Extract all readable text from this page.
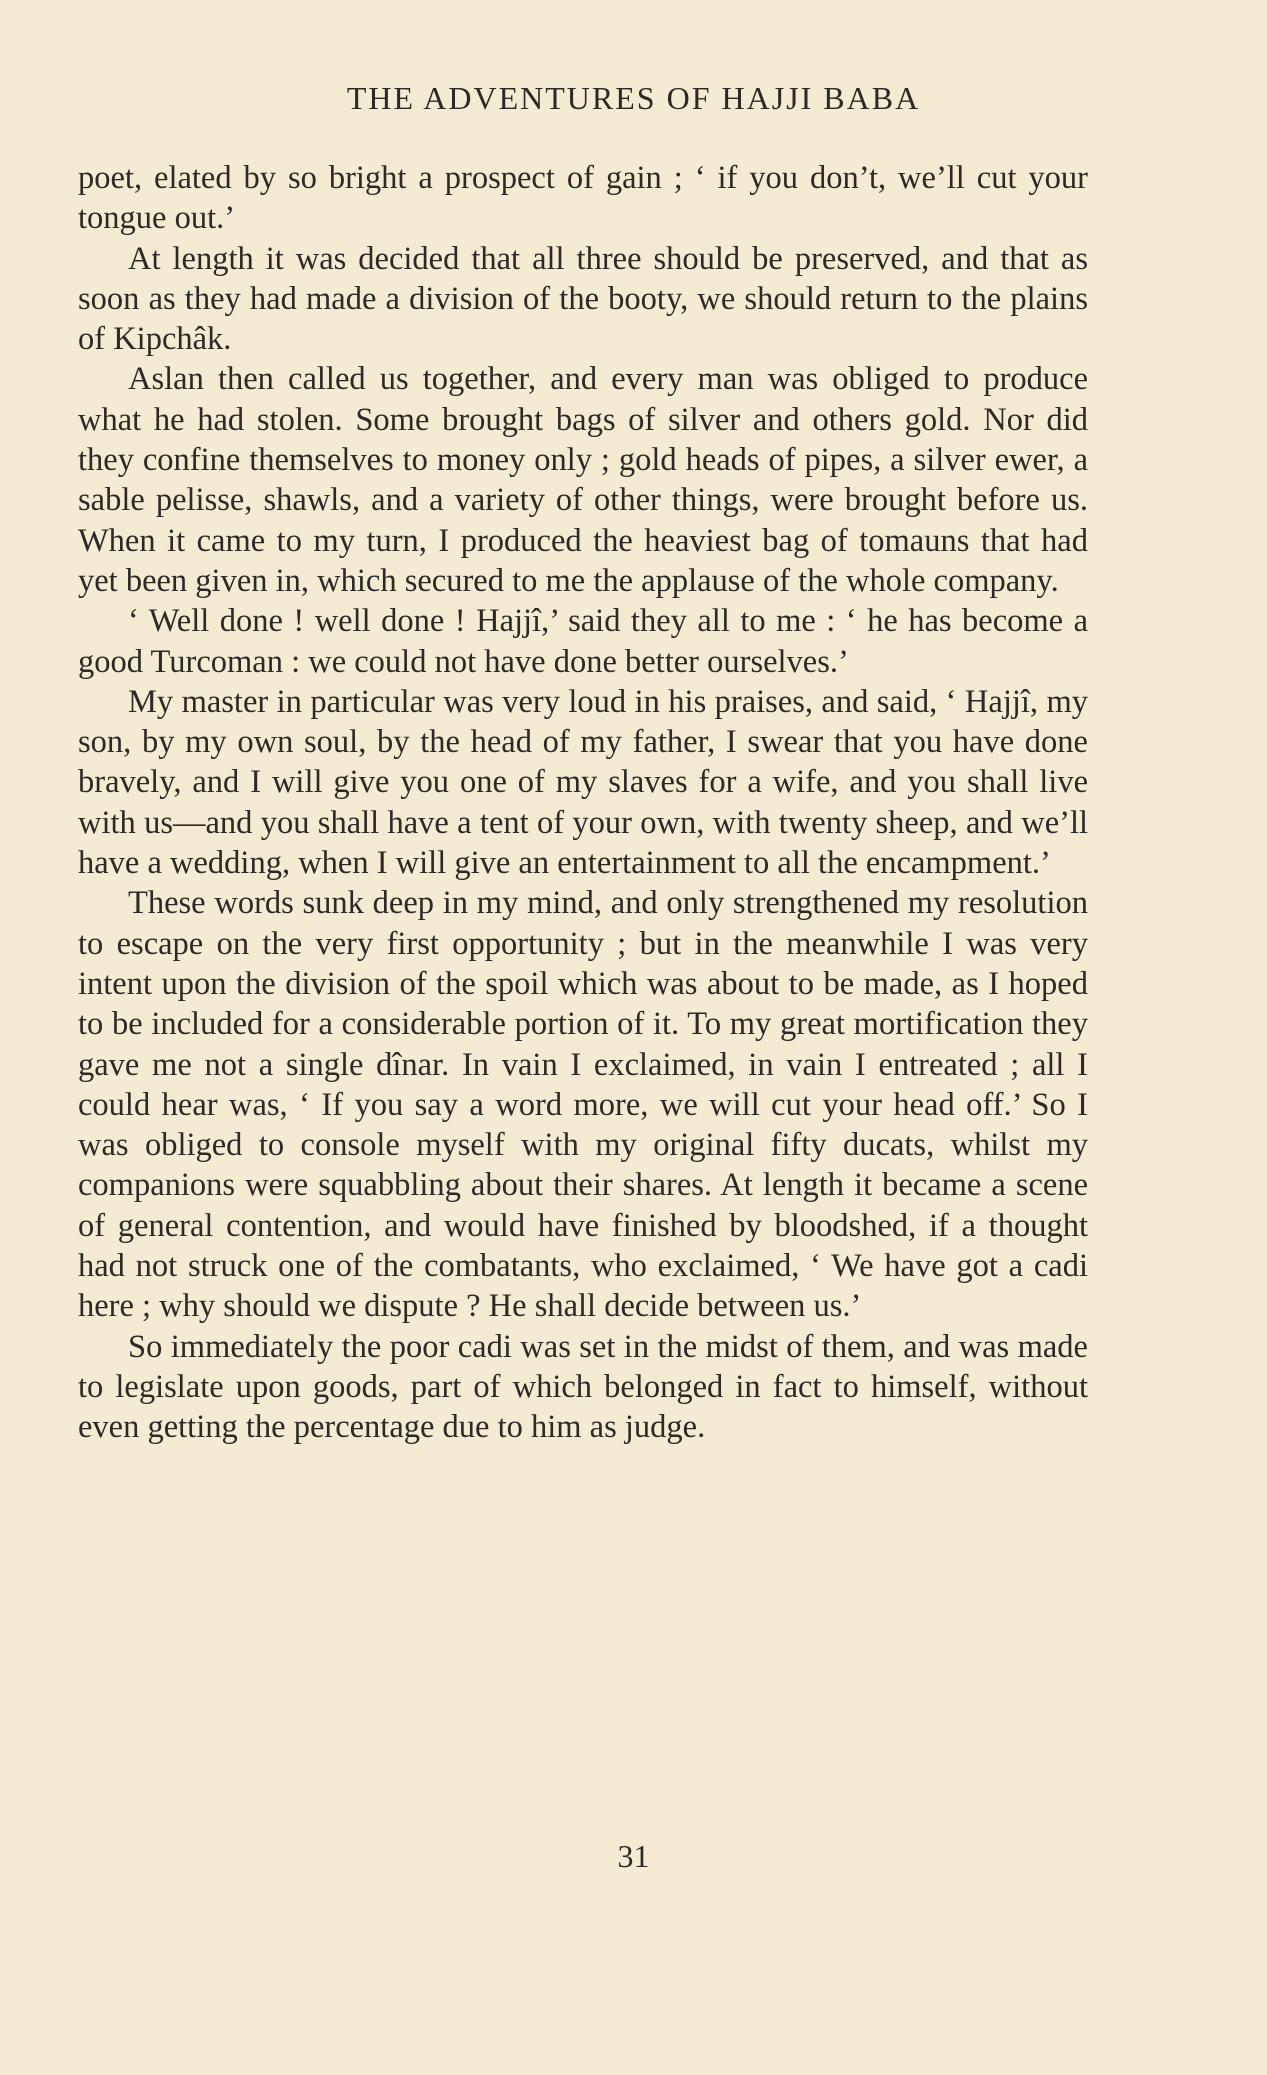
THE ADVENTURES OF HAJJI BABA

poet, elated by so bright a prospect of gain ; ‘ if you don’t, we’ll cut your tongue out.’

At length it was decided that all three should be preserved, and that as soon as they had made a division of the booty, we should return to the plains of Kipchâk.

Aslan then called us together, and every man was obliged to produce what he had stolen. Some brought bags of silver and others gold. Nor did they confine themselves to money only ; gold heads of pipes, a silver ewer, a sable pelisse, shawls, and a variety of other things, were brought before us. When it came to my turn, I produced the heaviest bag of tomauns that had yet been given in, which secured to me the applause of the whole company.

‘ Well done ! well done ! Hajjî,’ said they all to me : ‘ he has become a good Turcoman : we could not have done better ourselves.’

My master in particular was very loud in his praises, and said, ‘ Hajjî, my son, by my own soul, by the head of my father, I swear that you have done bravely, and I will give you one of my slaves for a wife, and you shall live with us—and you shall have a tent of your own, with twenty sheep, and we’ll have a wedding, when I will give an entertainment to all the encampment.’

These words sunk deep in my mind, and only strengthened my resolution to escape on the very first opportunity ; but in the meanwhile I was very intent upon the division of the spoil which was about to be made, as I hoped to be included for a considerable portion of it. To my great mortification they gave me not a single dînar. In vain I exclaimed, in vain I entreated ; all I could hear was, ‘ If you say a word more, we will cut your head off.’ So I was obliged to console myself with my original fifty ducats, whilst my companions were squabbling about their shares. At length it became a scene of general contention, and would have finished by bloodshed, if a thought had not struck one of the combatants, who exclaimed, ‘ We have got a cadi here ; why should we dispute ? He shall decide between us.’

So immediately the poor cadi was set in the midst of them, and was made to legislate upon goods, part of which belonged in fact to himself, without even getting the percentage due to him as judge.

31
